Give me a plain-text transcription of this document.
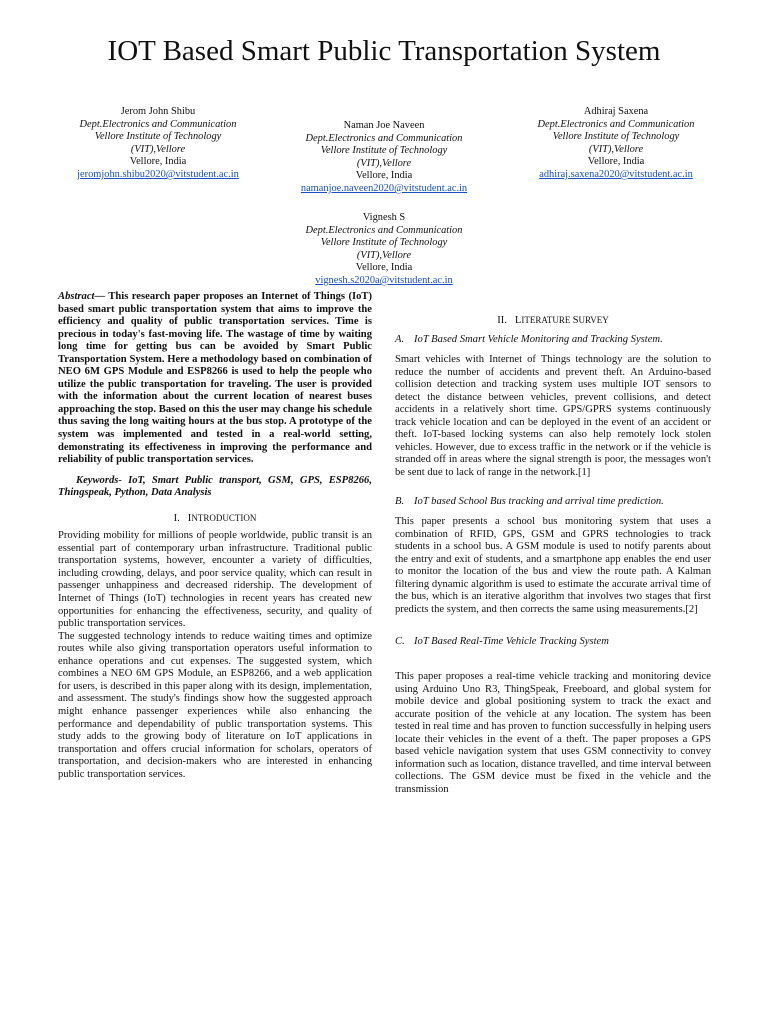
IOT Based Smart Public Transportation System
Jerom John Shibu
Dept.Electronics and Communication
Vellore Institute of Technology
(VIT),Vellore
Vellore, India
jeromjohn.shibu2020@vitstudent.ac.in
Naman Joe Naveen
Dept.Electronics and Communication
Vellore Institute of Technology
(VIT),Vellore
Vellore, India
namanjoe.naveen2020@vitstudent.ac.in
Adhiraj Saxena
Dept.Electronics and Communication
Vellore Institute of Technology
(VIT),Vellore
Vellore, India
adhiraj.saxena2020@vitstudent.ac.in
Vignesh S
Dept.Electronics and Communication
Vellore Institute of Technology
(VIT),Vellore
Vellore, India
vignesh.s2020a@vitstudent.ac.in

Abstract— This research paper proposes an Internet of Things (IoT) based smart public transportation system that aims to improve the efficiency and quality of public transportation services. Time is precious in today's fast-moving life. The wastage of time by waiting long time for getting bus can be avoided by Smart Public Transportation System. Here a methodology based on combination of NEO 6M GPS Module and ESP8266 is used to help the people who utilize the public transportation for traveling. The user is provided with the information about the current location of nearest buses approaching the stop. Based on this the user may change his schedule thus saving the long waiting hours at the bus stop. A prototype of the system was implemented and tested in a real-world setting, demonstrating its effectiveness in improving the performance and reliability of public transportation services.

Keywords- IoT, Smart Public transport, GSM, GPS, ESP8266, Thingspeak, Python, Data Analysis

I. INTRODUCTION

Providing mobility for millions of people worldwide, public transit is an essential part of contemporary urban infrastructure. Traditional public transportation systems, however, encounter a variety of difficulties, including crowding, delays, and poor service quality, which can result in passenger unhappiness and decreased ridership. The development of Internet of Things (IoT) technologies in recent years has created new opportunities for enhancing the effectiveness, security, and quality of public transportation services.

The suggested technology intends to reduce waiting times and optimize routes while also giving transportation operators useful information to enhance operations and cut expenses. The suggested system, which combines a NEO 6M GPS Module, an ESP8266, and a web application for users, is described in this paper along with its design, implementation, and assessment. The study's findings show how the suggested approach might enhance passenger experiences while also enhancing the performance and dependability of public transportation systems. This study adds to the growing body of literature on IoT applications in transportation and offers crucial information for scholars, operators of transportation, and decision-makers who are interested in enhancing public transportation services.

II. LITERATURE SURVEY
A. IoT Based Smart Vehicle Monitoring and Tracking System.

Smart vehicles with Internet of Things technology are the solution to reduce the number of accidents and prevent theft. An Arduino-based collision detection and tracking system uses multiple IOT sensors to detect the distance between vehicles, prevent collisions, and detect accidents in a relatively short time. GPS/GPRS systems continuously track vehicle location and can be deployed in the event of an accident or theft. IoT-based locking systems can also help remotely lock stolen vehicles. However, due to excess traffic in the network or if the vehicle is stranded off in areas where the signal strength is poor, the messages won't be sent due to lack of range in the network.[1]

B. IoT based School Bus tracking and arrival time prediction.

This paper presents a school bus monitoring system that uses a combination of RFID, GPS, GSM and GPRS technologies to track students in a school bus. A GSM module is used to notify parents about the entry and exit of students, and a smartphone app enables the end user to monitor the location of the bus and view the route path. A Kalman filtering dynamic algorithm is used to estimate the accurate arrival time of the bus, which is an iterative algorithm that involves two stages that first predicts the system, and then corrects the same using measurements.[2]

C. IoT Based Real-Time Vehicle Tracking System

This paper proposes a real-time vehicle tracking and monitoring device using Arduino Uno R3, ThingSpeak, Freeboard, and global system for mobile device and global positioning system to track the exact and accurate position of the vehicle at any location. The system has been tested in real time and has proven to function successfully in helping users locate their vehicles in the event of a theft. The paper proposes a GPS based vehicle navigation system that uses GSM connectivity to convey information such as location, distance travelled, and time interval between collections. The GSM device must be fixed in the vehicle and the transmission
